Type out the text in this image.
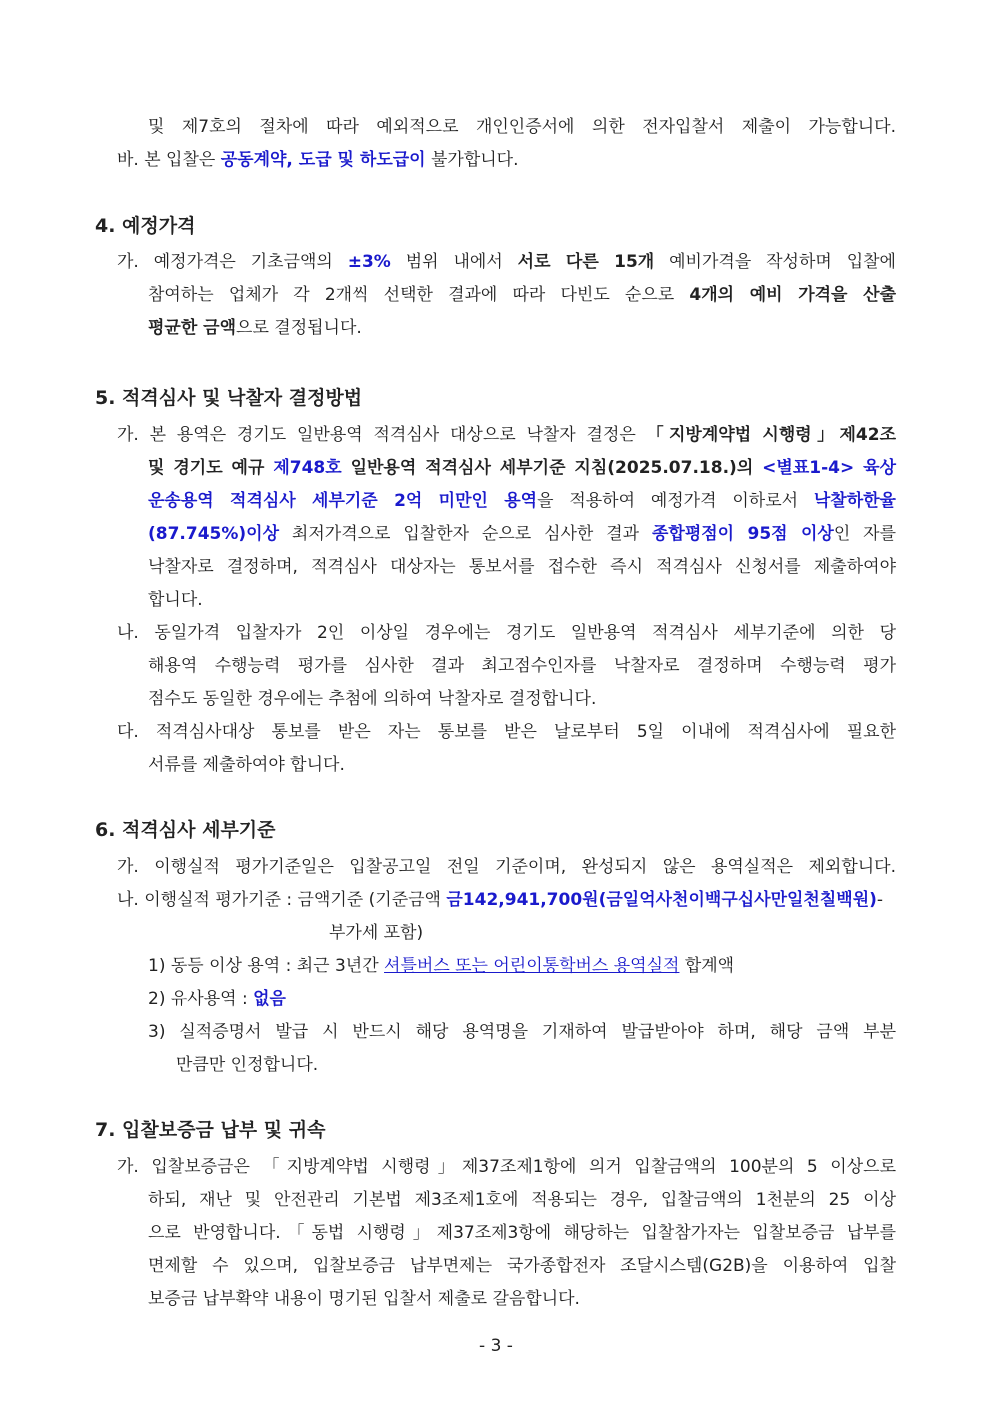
및 제7호의 절차에 따라 예외적으로 개인인증서에 의한 전자입찰서 제출이 가능합니다.
바. 본 입찰은 공동계약, 도급 및 하도급이 불가합니다.
4. 예정가격
가. 예정가격은 기초금액의 ±3% 범위 내에서 서로 다른 15개 예비가격을 작성하며 입찰에
참여하는 업체가 각 2개씩 선택한 결과에 따라 다빈도 순으로 4개의 예비 가격을 산출
평균한 금액으로 결정됩니다.
5. 적격심사 및 낙찰자 결정방법
가. 본 용역은 경기도 일반용역 적격심사 대상으로 낙찰자 결정은 「지방계약법 시행령」제42조
및 경기도 예규 제748호 일반용역 적격심사 세부기준 지침(2025.07.18.)의 <별표1-4> 육상
운송용역 적격심사 세부기준 2억 미만인 용역을 적용하여 예정가격 이하로서 낙찰하한율
(87.745%)이상 최저가격으로 입찰한자 순으로 심사한 결과 종합평점이 95점 이상인 자를
낙찰자로 결정하며, 적격심사 대상자는 통보서를 접수한 즉시 적격심사 신청서를 제출하여야
합니다.
나. 동일가격 입찰자가 2인 이상일 경우에는 경기도 일반용역 적격심사 세부기준에 의한 당
해용역 수행능력 평가를 심사한 결과 최고점수인자를 낙찰자로 결정하며 수행능력 평가
점수도 동일한 경우에는 추첨에 의하여 낙찰자로 결정합니다.
다. 적격심사대상 통보를 받은 자는 통보를 받은 날로부터 5일 이내에 적격심사에 필요한
서류를 제출하여야 합니다.
6. 적격심사 세부기준
가. 이행실적 평가기준일은 입찰공고일 전일 기준이며, 완성되지 않은 용역실적은 제외합니다.
나. 이행실적 평가기준 : 금액기준 (기준금액 금142,941,700원(금일억사천이백구십사만일천칠백원)-
부가세 포함)
1) 동등 이상 용역 : 최근 3년간 셔틀버스 또는 어린이통학버스 용역실적 합계액
2) 유사용역 : 없음
3) 실적증명서 발급 시 반드시 해당 용역명을 기재하여 발급받아야 하며, 해당 금액 부분
만큼만 인정합니다.
7. 입찰보증금 납부 및 귀속
가. 입찰보증금은 「지방계약법 시행령」제37조제1항에 의거 입찰금액의 100분의 5 이상으로
하되, 재난 및 안전관리 기본법 제3조제1호에 적용되는 경우, 입찰금액의 1천분의 25 이상
으로 반영합니다.「동법 시행령」제37조제3항에 해당하는 입찰참가자는 입찰보증금 납부를
면제할 수 있으며, 입찰보증금 납부면제는 국가종합전자 조달시스템(G2B)을 이용하여 입찰
보증금 납부확약 내용이 명기된 입찰서 제출로 갈음합니다.
- 3 -
